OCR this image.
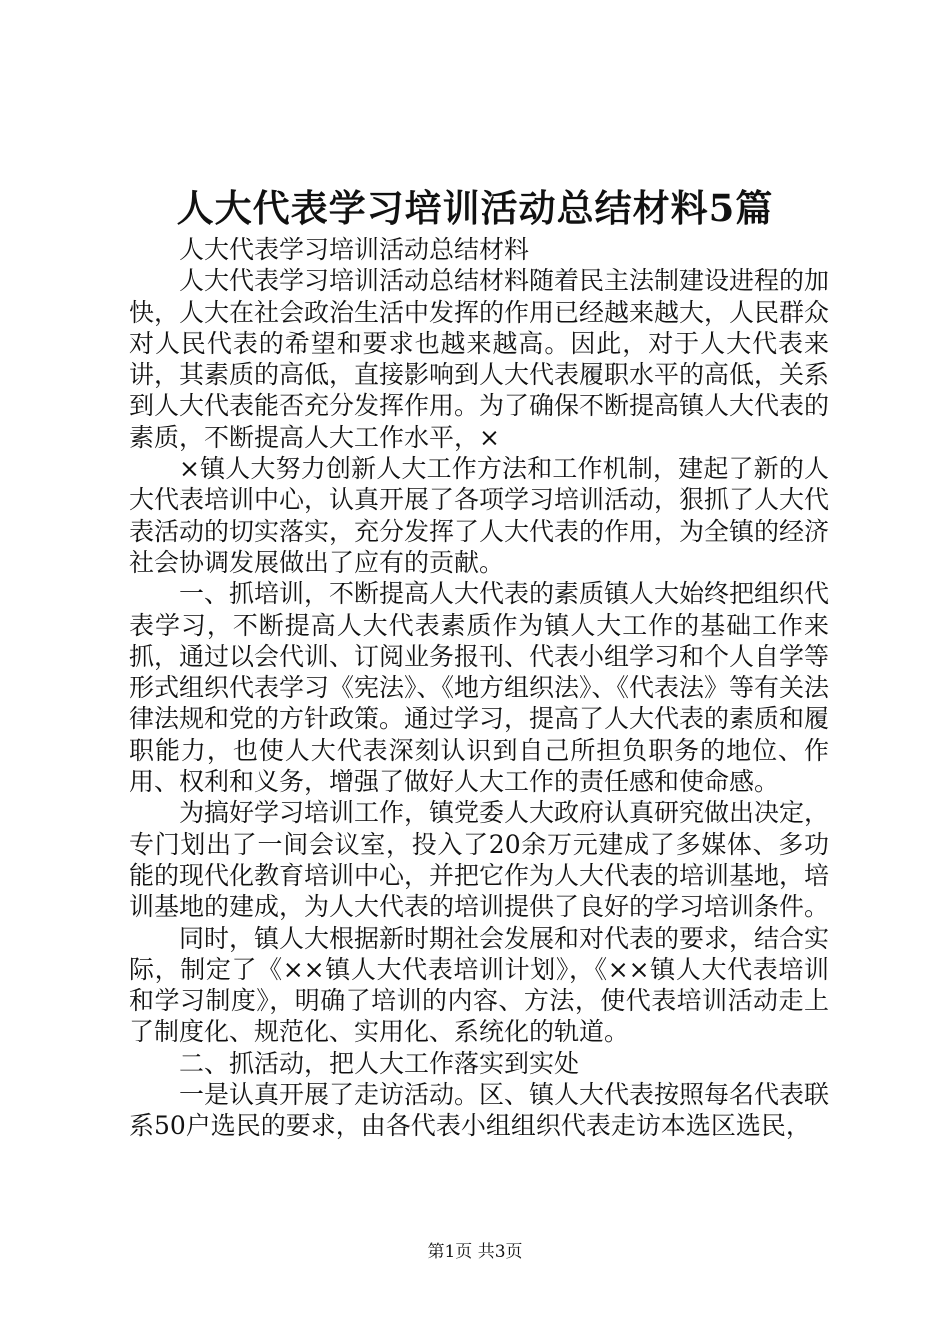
人大代表学习培训活动总结材料5篇

人大代表学习培训活动总结材料

人大代表学习培训活动总结材料随着民主法制建设进程的加快，人大在社会政治生活中发挥的作用已经越来越大，人民群众对人民代表的希望和要求也越来越高。因此，对于人大代表来讲，其素质的高低，直接影响到人大代表履职水平的高低，关系到人大代表能否充分发挥作用。为了确保不断提高镇人大代表的素质，不断提高人大工作水平，×

×镇人大努力创新人大工作方法和工作机制，建起了新的人大代表培训中心，认真开展了各项学习培训活动，狠抓了人大代表活动的切实落实，充分发挥了人大代表的作用，为全镇的经济社会协调发展做出了应有的贡献。

一、抓培训，不断提高人大代表的素质镇人大始终把组织代表学习，不断提高人大代表素质作为镇人大工作的基础工作来抓，通过以会代训、订阅业务报刊、代表小组学习和个人自学等形式组织代表学习《宪法》、《地方组织法》、《代表法》等有关法律法规和党的方针政策。通过学习，提高了人大代表的素质和履职能力，也使人大代表深刻认识到自己所担负职务的地位、作用、权利和义务，增强了做好人大工作的责任感和使命感。

为搞好学习培训工作，镇党委人大政府认真研究做出决定，专门划出了一间会议室，投入了20余万元建成了多媒体、多功能的现代化教育培训中心，并把它作为人大代表的培训基地，培训基地的建成，为人大代表的培训提供了良好的学习培训条件。

同时，镇人大根据新时期社会发展和对代表的要求，结合实际，制定了《××镇人大代表培训计划》，《××镇人大代表培训和学习制度》，明确了培训的内容、方法，使代表培训活动走上了制度化、规范化、实用化、系统化的轨道。

二、抓活动，把人大工作落实到实处

一是认真开展了走访活动。区、镇人大代表按照每名代表联系50户选民的要求，由各代表小组组织代表走访本选区选民，

第1页 共3页
